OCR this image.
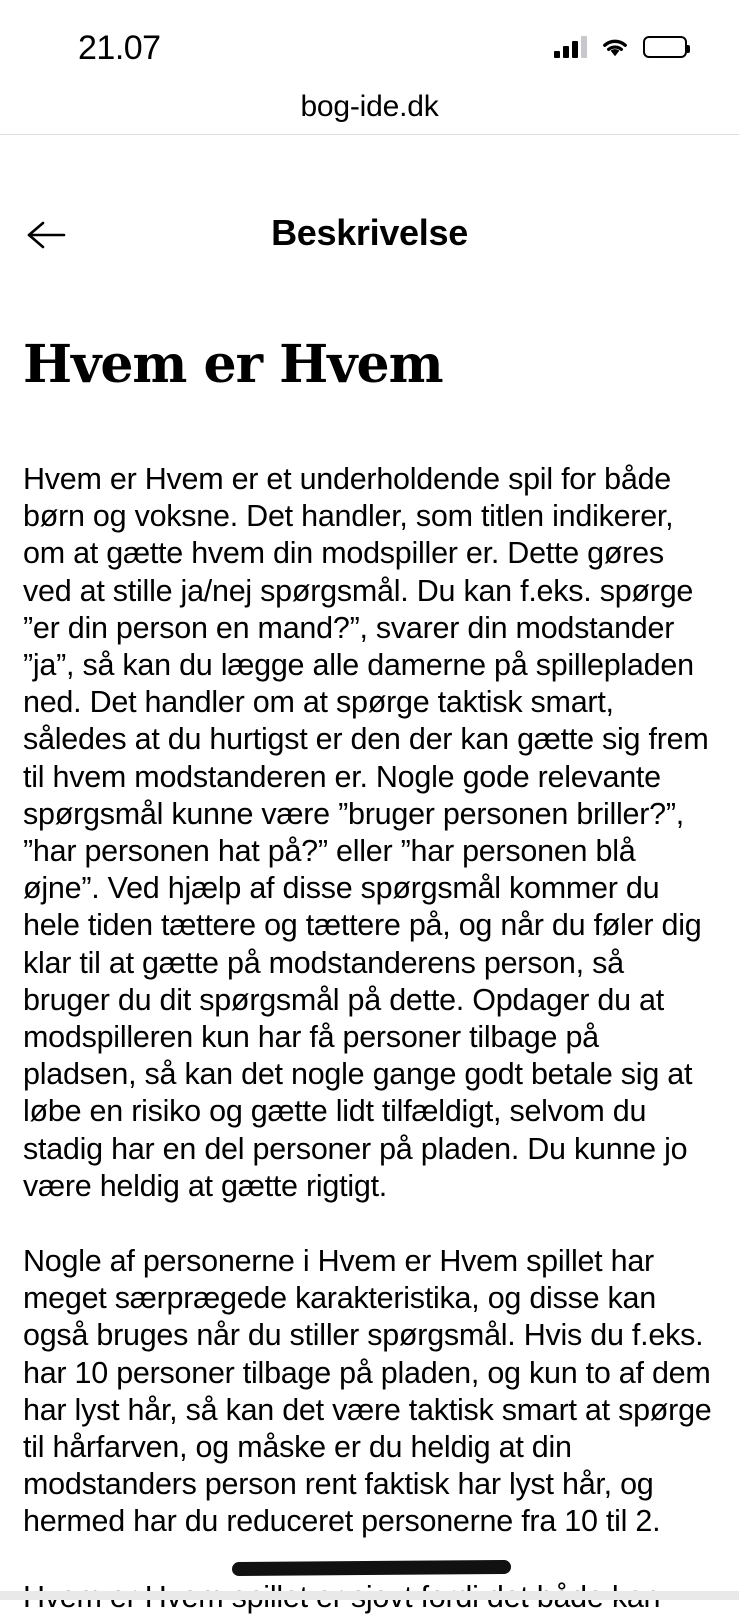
21.07
bog-ide.dk
Beskrivelse
Hvem er Hvem

Hvem er Hvem er et underholdende spil for både børn og voksne. Det handler, som titlen indikerer, om at gætte hvem din modspiller er. Dette gøres ved at stille ja/nej spørgsmål. Du kan f.eks. spørge ”er din person en mand?”, svarer din modstander ”ja”, så kan du lægge alle damerne på spillepladen ned. Det handler om at spørge taktisk smart, således at du hurtigst er den der kan gætte sig frem til hvem modstanderen er. Nogle gode relevante spørgsmål kunne være ”bruger personen briller?”, ”har personen hat på?” eller ”har personen blå øjne”. Ved hjælp af disse spørgsmål kommer du hele tiden tættere og tættere på, og når du føler dig klar til at gætte på modstanderens person, så bruger du dit spørgsmål på dette. Opdager du at modspilleren kun har få personer tilbage på pladsen, så kan det nogle gange godt betale sig at løbe en risiko og gætte lidt tilfældigt, selvom du stadig har en del personer på pladen. Du kunne jo være heldig at gætte rigtigt.

Nogle af personerne i Hvem er Hvem spillet har meget særprægede karakteristika, og disse kan også bruges når du stiller spørgsmål. Hvis du f.eks. har 10 personer tilbage på pladen, og kun to af dem har lyst hår, så kan det være taktisk smart at spørge til hårfarven, og måske er du heldig at din modstanders person rent faktisk har lyst hår, og hermed har du reduceret personerne fra 10 til 2.
